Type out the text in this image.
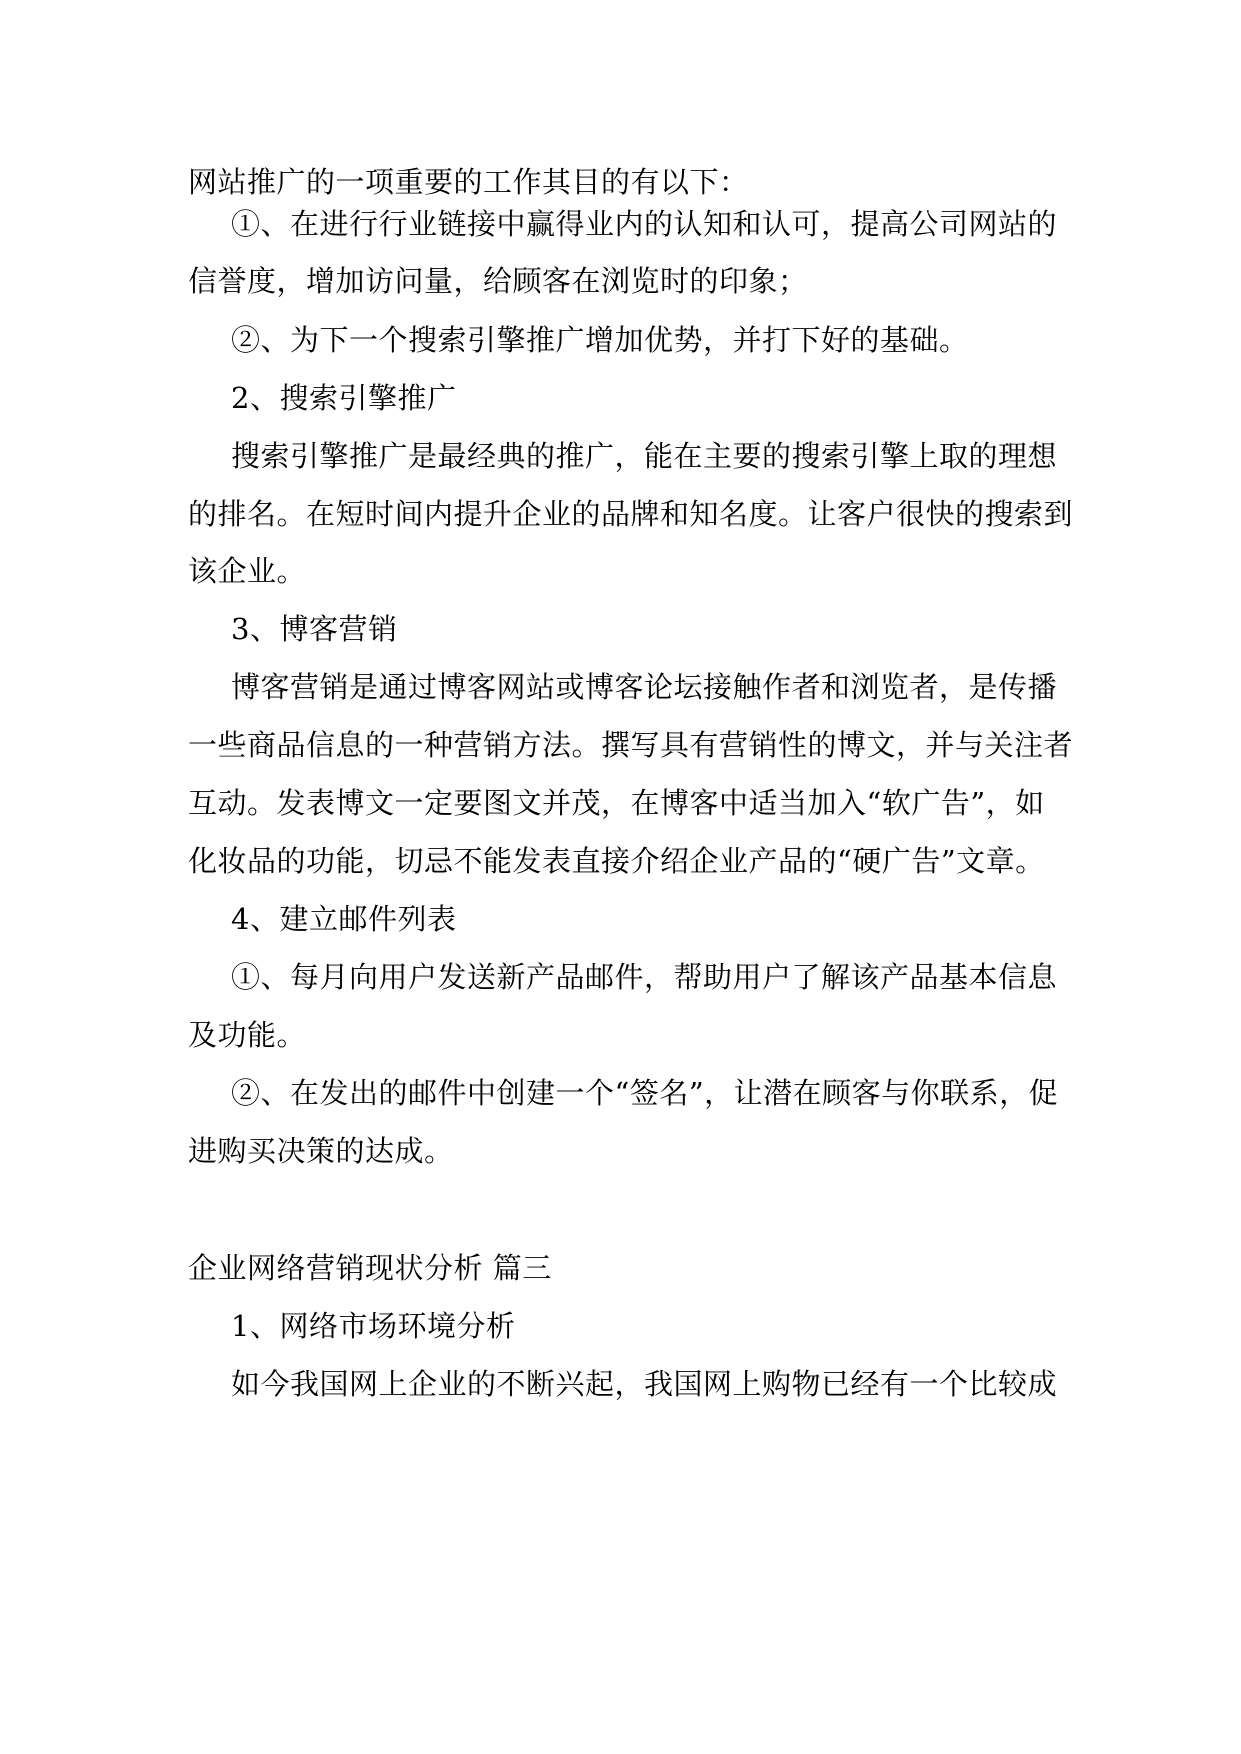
网站推广的一项重要的工作其目的有以下：
①、在进行行业链接中赢得业内的认知和认可，提高公司网站的
信誉度，增加访问量，给顾客在浏览时的印象；
②、为下一个搜索引擎推广增加优势，并打下好的基础。
2、搜索引擎推广
搜索引擎推广是最经典的推广，能在主要的搜索引擎上取的理想
的排名。在短时间内提升企业的品牌和知名度。让客户很快的搜索到
该企业。
3、博客营销
博客营销是通过博客网站或博客论坛接触作者和浏览者，是传播
一些商品信息的一种营销方法。撰写具有营销性的博文，并与关注者
互动。发表博文一定要图文并茂，在博客中适当加入“软广告”，如
化妆品的功能，切忌不能发表直接介绍企业产品的“硬广告”文章。
4、建立邮件列表
①、每月向用户发送新产品邮件，帮助用户了解该产品基本信息
及功能。
②、在发出的邮件中创建一个“签名”，让潜在顾客与你联系，促
进购买决策的达成。
企业网络营销现状分析 篇三
1、网络市场环境分析
如今我国网上企业的不断兴起，我国网上购物已经有一个比较成
